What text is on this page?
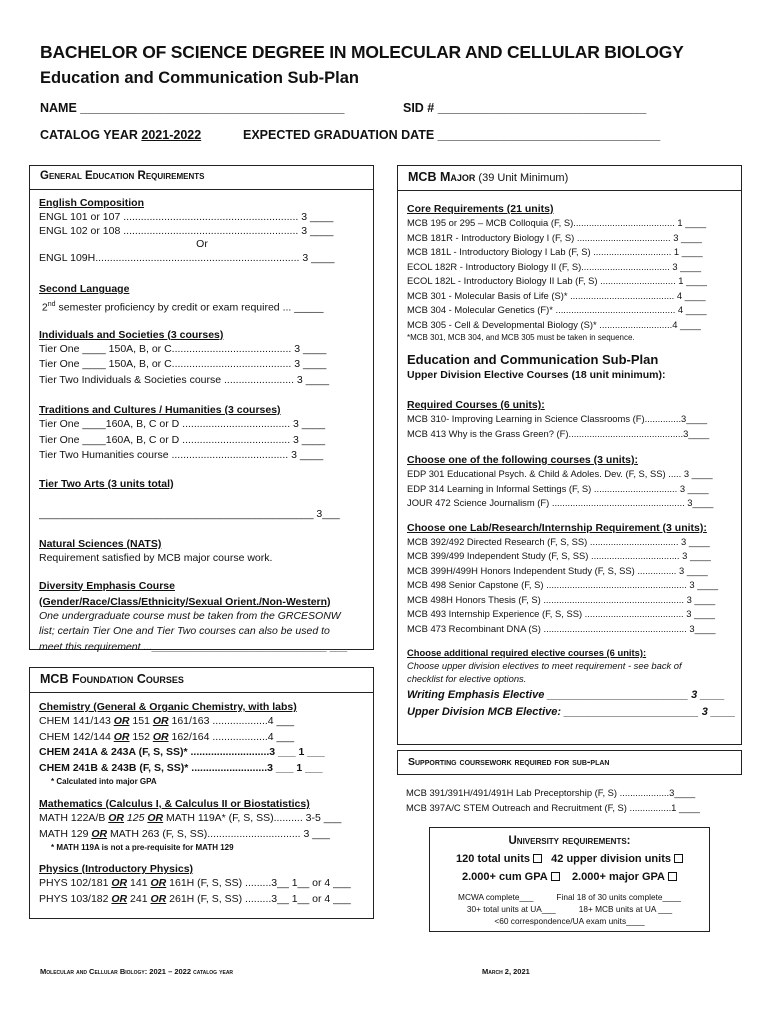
BACHELOR OF SCIENCE DEGREE IN MOLECULAR AND CELLULAR BIOLOGY
Education and Communication Sub-Plan
NAME ______________________________________	SID # ______________________________
CATALOG YEAR 2021-2022	EXPECTED GRADUATION DATE ________________________________
General Education Requirements
English Composition
ENGL 101 or 107 ............................................................ 3 ____
ENGL 102 or 108 ............................................................ 3 ____
Or
ENGL 109H...................................................................... 3 ____
Second Language
2nd semester proficiency by credit or exam required ... _____
Individuals and Societies (3 courses)
Tier One ____ 150A, B, or C......................................... 3 ____
Tier One ____ 150A, B, or C......................................... 3 ____
Tier Two Individuals & Societies course ........................ 3 ____
Traditions and Cultures / Humanities (3 courses)
Tier One ____160A, B, C or D ..................................... 3 ____
Tier One ____160A, B, C or D ..................................... 3 ____
Tier Two Humanities course ........................................ 3 ____
Tier Two Arts (3 units total)
_______________________________________________ 3___
Natural Sciences (NATS)
Requirement satisfied by MCB major course work.
Diversity Emphasis Course
(Gender/Race/Class/Ethnicity/Sexual Orient./Non-Western)
One undergraduate course must be taken from the GRCESONW
list; certain Tier One and Tier Two courses can also be used to
meet this requirement ...______________________________ ___
MCB Foundation Courses
Chemistry (General & Organic Chemistry, with labs)
CHEM 141/143 OR 151 OR 161/163 ...................4 ___
CHEM 142/144 OR 152 OR 162/164 ...................4 ___
CHEM 241A & 243A (F, S, SS)* ...........................3 ___ 1 ___
CHEM 241B & 243B (F, S, SS)* ..........................3 ___ 1 ___
* Calculated into major GPA
Mathematics (Calculus I, & Calculus II or Biostatistics)
MATH 122A/B OR 125 OR MATH 119A* (F, S, SS).......... 3-5 ___
MATH 129 OR MATH 263 (F, S, SS)................................ 3 ___
* MATH 119A is not a pre-requisite for MATH 129
Physics (Introductory Physics)
PHYS 102/181 OR 141 OR 161H (F, S, SS) .........3__ 1__ or 4 ___
PHYS 103/182 OR 241 OR 261H (F, S, SS) .........3__ 1__ or 4 ___
MCB Major (39 Unit Minimum)
Core Requirements (21 units)
MCB 195 or 295 – MCB Colloquia (F, S)....................................... 1 ____
MCB 181R - Introductory Biology I (F, S) .................................... 3 ____
MCB 181L - Introductory Biology I Lab (F, S) .............................. 1 ____
ECOL 182R - Introductory Biology II (F, S).................................. 3 ____
ECOL 182L - Introductory Biology II Lab (F, S) ............................. 1 ____
MCB 301 - Molecular Basis of Life (S)* ........................................ 4 ____
MCB 304 - Molecular Genetics (F)* .............................................. 4 ____
MCB 305 - Cell & Developmental Biology (S)* ............................4 ____
*MCB 301, MCB 304, and MCB 305 must be taken in sequence.
Education and Communication Sub-Plan
Upper Division Elective Courses (18 unit minimum):
Required Courses (6 units):
MCB 310- Improving Learning in Science Classrooms (F)..............3____
MCB 413 Why is the Grass Green? (F)............................................3____
Choose one of the following courses (3 units):
EDP 301 Educational Psych. & Child & Adoles. Dev. (F, S, SS) ..... 3 ____
EDP 314 Learning in Informal Settings (F, S) ................................ 3 ____
JOUR 472 Science Journalism (F) ................................................... 3____
Choose one Lab/Research/Internship Requirement (3 units):
MCB 392/492 Directed Research (F, S, SS) .................................. 3 ____
MCB 399/499 Independent Study (F, S, SS) .................................. 3 ____
MCB 399H/499H Honors Independent Study (F, S, SS) ............... 3 ____
MCB 498 Senior Capstone (F, S) ...................................................... 3 ____
MCB 498H Honors Thesis (F, S) ...................................................... 3 ____
MCB 493 Internship Experience (F, S, SS) ...................................... 3 ____
MCB 473 Recombinant DNA (S) ....................................................... 3____
Choose additional required elective courses (6 units):
Choose upper division electives to meet requirement - see back of
checklist for elective options.
Writing Emphasis Elective _______________________ 3 ____
Upper Division MCB Elective: ______________________ 3 ____
Supporting coursework required for sub-plan
MCB 391/391H/491/491H Lab Preceptorship (F, S) ...................3____
MCB 397A/C STEM Outreach and Recruitment (F, S) ................1 ____
University requirements:
120 total units 42 upper division units
2.000+ cum GPA 2.000+ major GPA
MCWA complete___          Final 18 of 30 units complete____
30+ total units at UA___          18+ MCB units at UA ___
<60 correspondence/UA exam units____
Molecular and Cellular Biology: 2021 – 2022 catalog year	March 2, 2021
